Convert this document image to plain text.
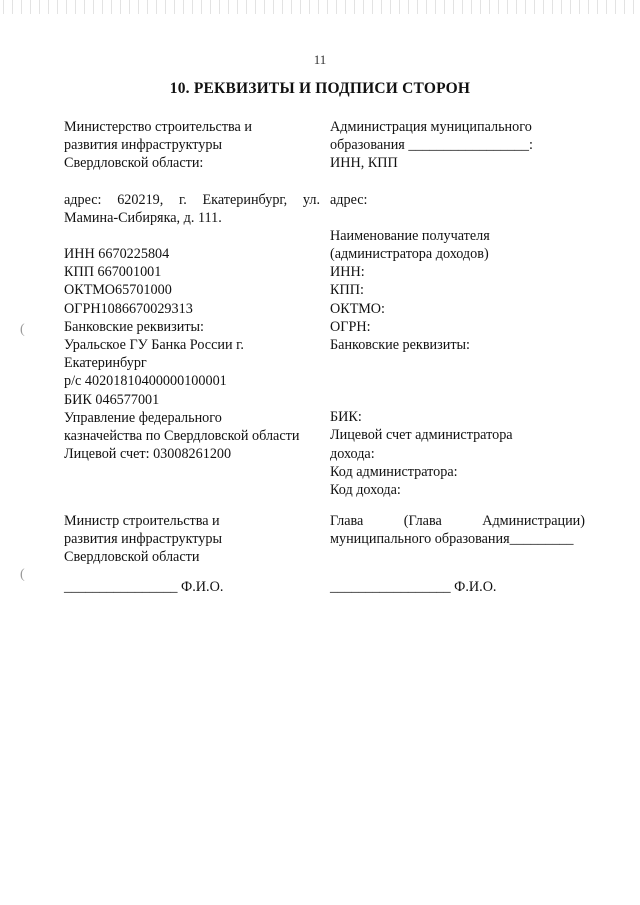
11
10. РЕКВИЗИТЫ И ПОДПИСИ СТОРОН
(
(
Министерство строительства и
развития инфраструктуры
Свердловской области:
адрес: 620219, г. Екатеринбург, ул.
Мамина-Сибиряка, д. 111.
ИНН 6670225804
КПП 667001001
ОКТМО65701000
ОГРН1086670029313
Банковские реквизиты:
Уральское ГУ Банка России г.
Екатеринбург
р/с 40201810400000100001
БИК 046577001
Управление федерального
казначейства по Свердловской области
Лицевой счет: 03008261200
Администрация муниципального
образования _________________:
ИНН, КПП
адрес:
Наименование получателя
(администратора доходов)
ИНН:
КПП:
ОКТМО:
ОГРН:
Банковские реквизиты:
БИК:
Лицевой счет администратора
дохода:
Код администратора:
Код дохода:
Министр строительства и
развития инфраструктуры
Свердловской области
Глава (Глава Администрации)
муниципального образования_________
________________ Ф.И.О.	_________________ Ф.И.О.
